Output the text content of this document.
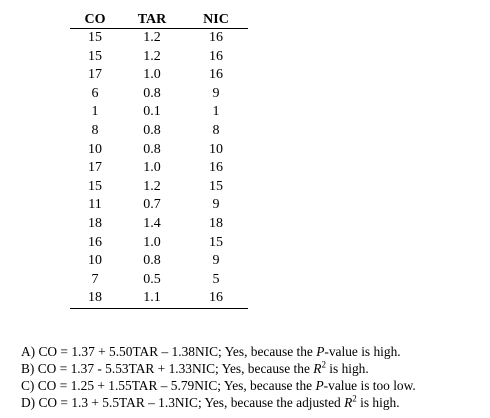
CO	TAR	NIC
15	1.2	16
15	1.2	16
17	1.0	16
6	0.8	9
1	0.1	1
8	0.8	8
10	0.8	10
17	1.0	16
15	1.2	15
11	0.7	9
18	1.4	18
16	1.0	15
10	0.8	9
7	0.5	5
18	1.1	16
A) CO = 1.37 + 5.50TAR – 1.38NIC; Yes, because the P-value is high.
B) CO = 1.37 - 5.53TAR + 1.33NIC; Yes, because the $R^2$ is high.
C) CO = 1.25 + 1.55TAR – 5.79NIC; Yes, because the P-value is too low.
D) CO = 1.3 + 5.5TAR – 1.3NIC; Yes, because the adjusted $R^2$ is high.
